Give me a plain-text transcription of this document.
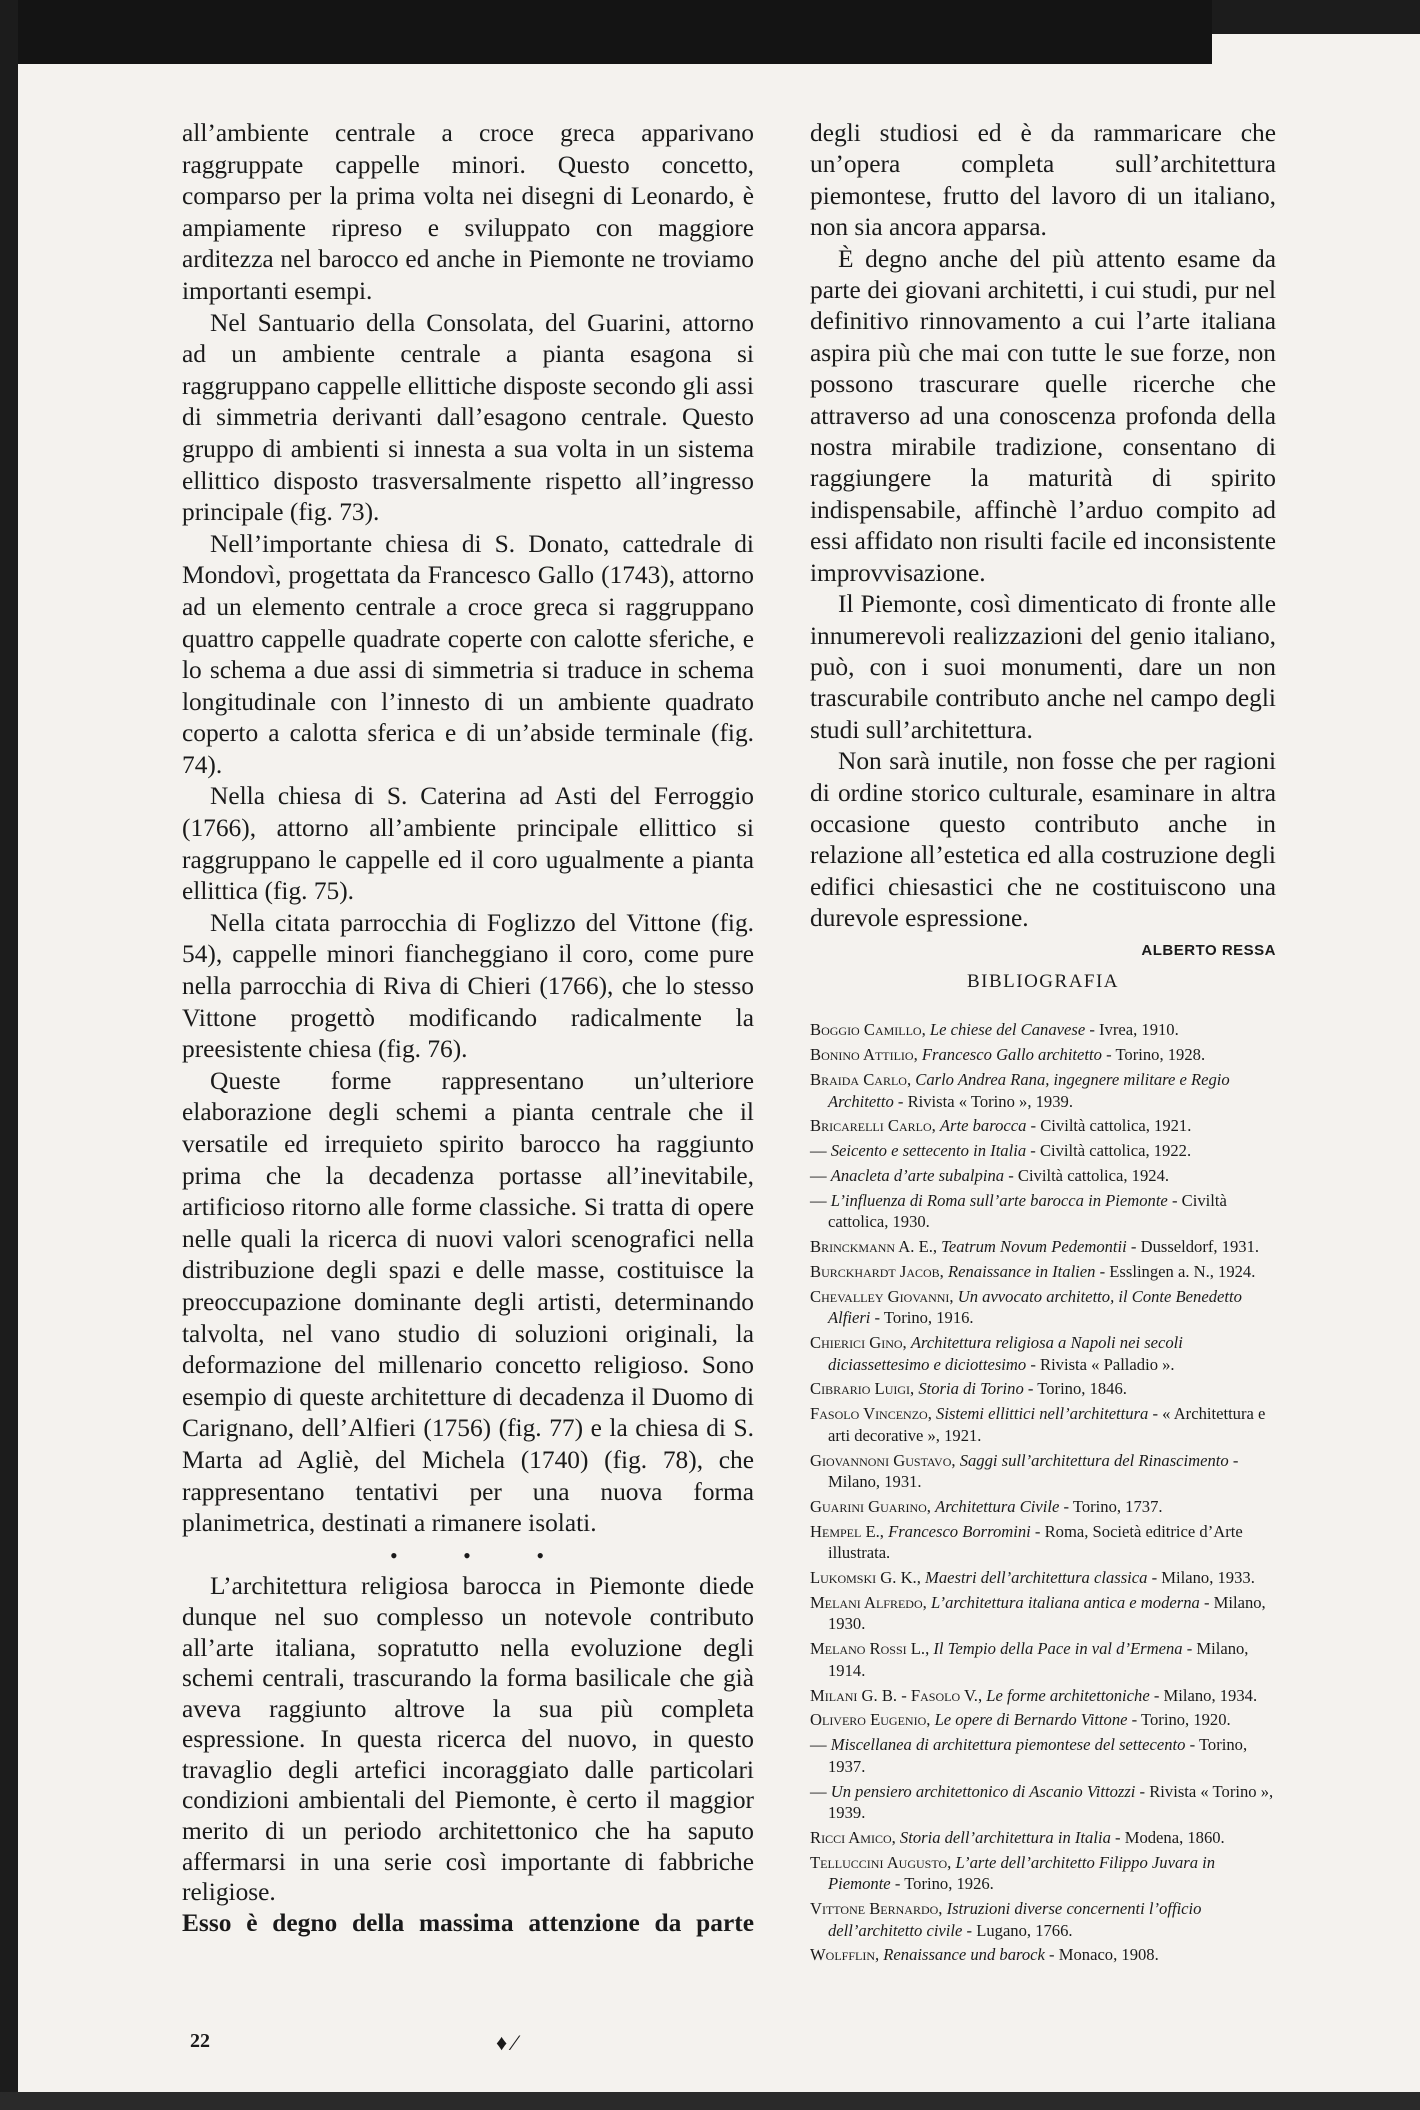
all’ambiente centrale a croce greca apparivano raggruppate cappelle minori. Questo concetto, comparso per la prima volta nei disegni di Leonardo, è ampiamente ripreso e sviluppato con maggiore arditezza nel barocco ed anche in Piemonte ne troviamo importanti esempi.

Nel Santuario della Consolata, del Guarini, attorno ad un ambiente centrale a pianta esagona si raggruppano cappelle ellittiche disposte secondo gli assi di simmetria derivanti dall’esagono centrale. Questo gruppo di ambienti si innesta a sua volta in un sistema ellittico disposto trasversalmente rispetto all’ingresso principale (fig. 73).

Nell’importante chiesa di S. Donato, cattedrale di Mondovì, progettata da Francesco Gallo (1743), attorno ad un elemento centrale a croce greca si raggruppano quattro cappelle quadrate coperte con calotte sferiche, e lo schema a due assi di simmetria si traduce in schema longitudinale con l’innesto di un ambiente quadrato coperto a calotta sferica e di un’abside terminale (fig. 74).

Nella chiesa di S. Caterina ad Asti del Ferroggio (1766), attorno all’ambiente principale ellittico si raggruppano le cappelle ed il coro ugualmente a pianta ellittica (fig. 75).

Nella citata parrocchia di Foglizzo del Vittone (fig. 54), cappelle minori fiancheggiano il coro, come pure nella parrocchia di Riva di Chieri (1766), che lo stesso Vittone progettò modificando radicalmente la preesistente chiesa (fig. 76).

Queste forme rappresentano un’ulteriore elaborazione degli schemi a pianta centrale che il versatile ed irrequieto spirito barocco ha raggiunto prima che la decadenza portasse all’inevitabile, artificioso ritorno alle forme classiche. Si tratta di opere nelle quali la ricerca di nuovi valori scenografici nella distribuzione degli spazi e delle masse, costituisce la preoccupazione dominante degli artisti, determinando talvolta, nel vano studio di soluzioni originali, la deformazione del millenario concetto religioso. Sono esempio di queste architetture di decadenza il Duomo di Carignano, dell’Alfieri (1756) (fig. 77) e la chiesa di S. Marta ad Agliè, del Michela (1740) (fig. 78), che rappresentano tentativi per una nuova forma planimetrica, destinati a rimanere isolati.

• • •

L’architettura religiosa barocca in Piemonte diede dunque nel suo complesso un notevole contributo all’arte italiana, sopratutto nella evoluzione degli schemi centrali, trascurando la forma basilicale che già aveva raggiunto altrove la sua più completa espressione. In questa ricerca del nuovo, in questo travaglio degli artefici incoraggiato dalle particolari condizioni ambientali del Piemonte, è certo il maggior merito di un periodo architettonico che ha saputo affermarsi in una serie così importante di fabbriche religiose.

Esso è degno della massima attenzione da parte

degli studiosi ed è da rammaricare che un’opera completa sull’architettura piemontese, frutto del lavoro di un italiano, non sia ancora apparsa.

È degno anche del più attento esame da parte dei giovani architetti, i cui studi, pur nel definitivo rinnovamento a cui l’arte italiana aspira più che mai con tutte le sue forze, non possono trascurare quelle ricerche che attraverso ad una conoscenza profonda della nostra mirabile tradizione, consentano di raggiungere la maturità di spirito indispensabile, affinchè l’arduo compito ad essi affidato non risulti facile ed inconsistente improvvisazione.

Il Piemonte, così dimenticato di fronte alle innumerevoli realizzazioni del genio italiano, può, con i suoi monumenti, dare un non trascurabile contributo anche nel campo degli studi sull’architettura.

Non sarà inutile, non fosse che per ragioni di ordine storico culturale, esaminare in altra occasione questo contributo anche in relazione all’estetica ed alla costruzione degli edifici chiesastici che ne costituiscono una durevole espressione.

ALBERTO RESSA

BIBLIOGRAFIA
Boggio Camillo, Le chiese del Canavese - Ivrea, 1910.
Bonino Attilio, Francesco Gallo architetto - Torino, 1928.
Braida Carlo, Carlo Andrea Rana, ingegnere militare e Regio Architetto - Rivista « Torino », 1939.
Bricarelli Carlo, Arte barocca - Civiltà cattolica, 1921.
— Seicento e settecento in Italia - Civiltà cattolica, 1922.
— Anacleta d’arte subalpina - Civiltà cattolica, 1924.
— L’influenza di Roma sull’arte barocca in Piemonte - Civiltà cattolica, 1930.
Brinckmann A. E., Teatrum Novum Pedemontii - Dusseldorf, 1931.
Burckhardt Jacob, Renaissance in Italien - Esslingen a. N., 1924.
Chevalley Giovanni, Un avvocato architetto, il Conte Benedetto Alfieri - Torino, 1916.
Chierici Gino, Architettura religiosa a Napoli nei secoli diciassettesimo e diciottesimo - Rivista « Palladio ».
Cibrario Luigi, Storia di Torino - Torino, 1846.
Fasolo Vincenzo, Sistemi ellittici nell’architettura - « Architettura e arti decorative », 1921.
Giovannoni Gustavo, Saggi sull’architettura del Rinascimento - Milano, 1931.
Guarini Guarino, Architettura Civile - Torino, 1737.
Hempel E., Francesco Borromini - Roma, Società editrice d’Arte illustrata.
Lukomski G. K., Maestri dell’architettura classica - Milano, 1933.
Melani Alfredo, L’architettura italiana antica e moderna - Milano, 1930.
Melano Rossi L., Il Tempio della Pace in val d’Ermena - Milano, 1914.
Milani G. B. - Fasolo V., Le forme architettoniche - Milano, 1934.
Olivero Eugenio, Le opere di Bernardo Vittone - Torino, 1920.
— Miscellanea di architettura piemontese del settecento - Torino, 1937.
— Un pensiero architettonico di Ascanio Vittozzi - Rivista « Torino », 1939.
Ricci Amico, Storia dell’architettura in Italia - Modena, 1860.
Telluccini Augusto, L’arte dell’architetto Filippo Juvara in Piemonte - Torino, 1926.
Vittone Bernardo, Istruzioni diverse concernenti l’officio dell’architetto civile - Lugano, 1766.
Wolfflin, Renaissance und barock - Monaco, 1908.
22	♦ ⁄
